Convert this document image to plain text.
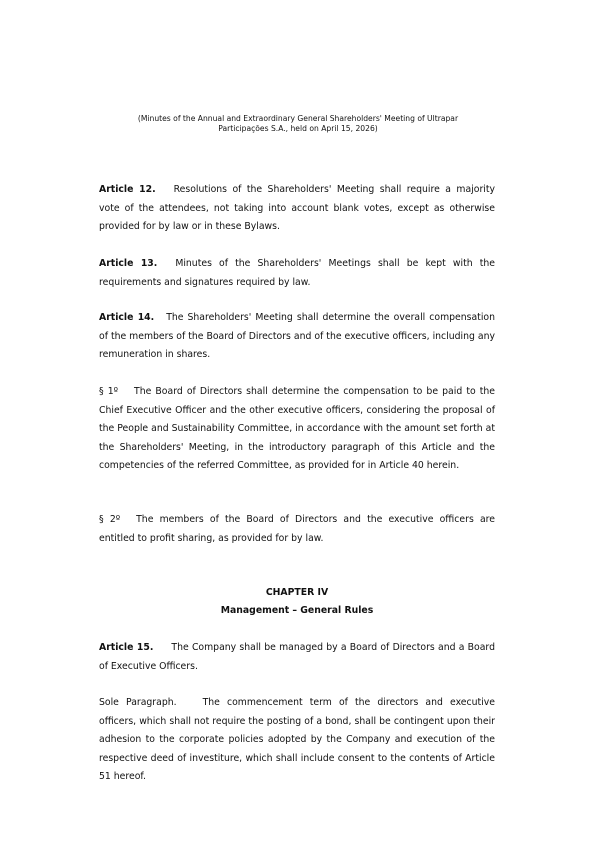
(Minutes of the Annual and Extraordinary General Shareholders' Meeting of Ultrapar
Participações S.A., held on April 15, 2026)
Article 12. Resolutions of the Shareholders' Meeting shall require a majority vote of the attendees, not taking into account blank votes, except as otherwise provided for by law or in these Bylaws.
Article 13. Minutes of the Shareholders' Meetings shall be kept with the requirements and signatures required by law.
Article 14. The Shareholders' Meeting shall determine the overall compensation of the members of the Board of Directors and of the executive officers, including any remuneration in shares.
§ 1º The Board of Directors shall determine the compensation to be paid to the Chief Executive Officer and the other executive officers, considering the proposal of the People and Sustainability Committee, in accordance with the amount set forth at the Shareholders' Meeting, in the introductory paragraph of this Article and the competencies of the referred Committee, as provided for in Article 40 herein.
§ 2º The members of the Board of Directors and the executive officers are entitled to profit sharing, as provided for by law.
CHAPTER IV
Management – General Rules
Article 15. The Company shall be managed by a Board of Directors and a Board of Executive Officers.
Sole Paragraph.	The commencement term of the directors and executive officers, which shall not require the posting of a bond, shall be contingent upon their adhesion to the corporate policies adopted by the Company and execution of the respective deed of investiture, which shall include consent to the contents of Article 51 hereof.
